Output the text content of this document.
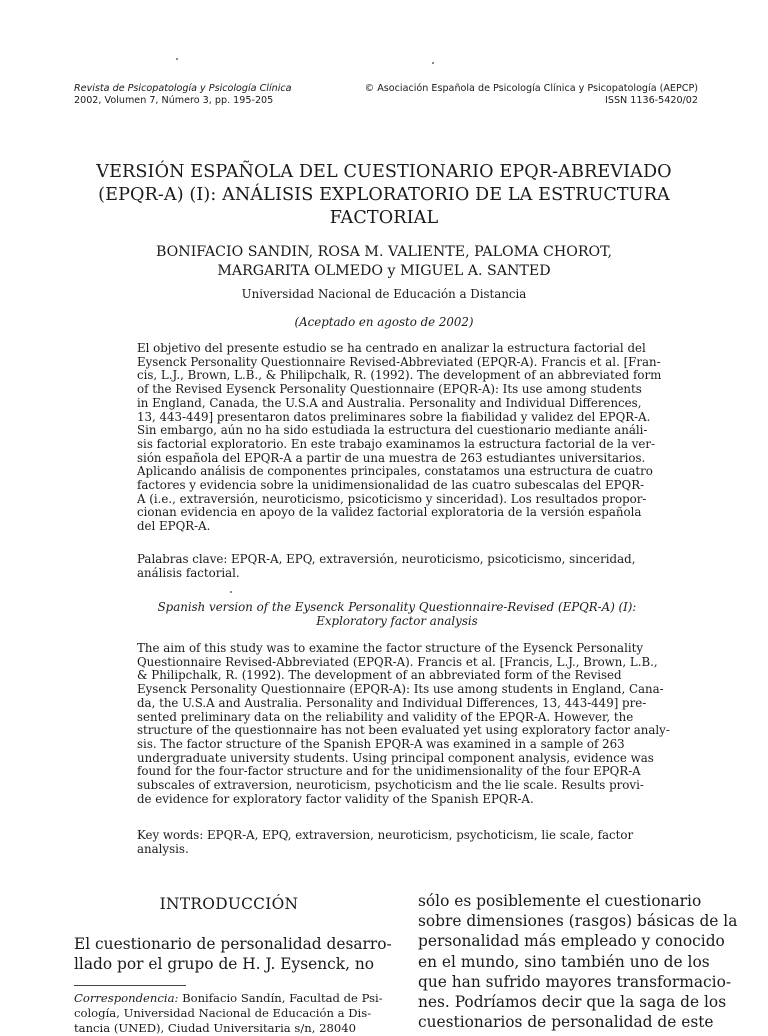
Revista de Psicopatología y Psicología Clínica
2002, Volumen 7, Número 3, pp. 195-205
© Asociación Española de Psicología Clínica y Psicopatología (AEPCP)
ISSN 1136-5420/02
VERSIÓN ESPAÑOLA DEL CUESTIONARIO EPQR-ABREVIADO
(EPQR-A) (I): ANÁLISIS EXPLORATORIO DE LA ESTRUCTURA
FACTORIAL
BONIFACIO SANDIN, ROSA M. VALIENTE, PALOMA CHOROT,
MARGARITA OLMEDO y MIGUEL A. SANTED
Universidad Nacional de Educación a Distancia
(Aceptado en agosto de 2002)
El objetivo del presente estudio se ha centrado en analizar la estructura factorial del
Eysenck Personality Questionnaire Revised-Abbreviated (EPQR-A). Francis et al. [Fran-
cis, L.J., Brown, L.B., & Philipchalk, R. (1992). The development of an abbreviated form
of the Revised Eysenck Personality Questionnaire (EPQR-A): Its use among students
in England, Canada, the U.S.A and Australia. Personality and Individual Differences,
13, 443-449] presentaron datos preliminares sobre la fiabilidad y validez del EPQR-A.
Sin embargo, aún no ha sido estudiada la estructura del cuestionario mediante análi-
sis factorial exploratorio. En este trabajo examinamos la estructura factorial de la ver-
sión española del EPQR-A a partir de una muestra de 263 estudiantes universitarios.
Aplicando análisis de componentes principales, constatamos una estructura de cuatro
factores y evidencia sobre la unidimensionalidad de las cuatro subescalas del EPQR-
A (i.e., extraversión, neuroticismo, psicoticismo y sinceridad). Los resultados propor-
cionan evidencia en apoyo de la validez factorial exploratoria de la versión española
del EPQR-A.
Palabras clave: EPQR-A, EPQ, extraversión, neuroticismo, psicoticismo, sinceridad,
análisis factorial.
Spanish version of the Eysenck Personality Questionnaire-Revised (EPQR-A) (I):
Exploratory factor analysis
The aim of this study was to examine the factor structure of the Eysenck Personality
Questionnaire Revised-Abbreviated (EPQR-A). Francis et al. [Francis, L.J., Brown, L.B.,
& Philipchalk, R. (1992). The development of an abbreviated form of the Revised
Eysenck Personality Questionnaire (EPQR-A): Its use among students in England, Cana-
da, the U.S.A and Australia. Personality and Individual Differences, 13, 443-449] pre-
sented preliminary data on the reliability and validity of the EPQR-A. However, the
structure of the questionnaire has not been evaluated yet using exploratory factor analy-
sis. The factor structure of the Spanish EPQR-A was examined in a sample of 263
undergraduate university students. Using principal component analysis, evidence was
found for the four-factor structure and for the unidimensionality of the four EPQR-A
subscales of extraversion, neuroticism, psychoticism and the lie scale. Results provi-
de evidence for exploratory factor validity of the Spanish EPQR-A.
Key words: EPQR-A, EPQ, extraversion, neuroticism, psychoticism, lie scale, factor
analysis.
INTRODUCCIÓN
El cuestionario de personalidad desarro-
llado por el grupo de H. J. Eysenck, no
sólo es posiblemente el cuestionario
sobre dimensiones (rasgos) básicas de la
personalidad más empleado y conocido
en el mundo, sino también uno de los
que han sufrido mayores transformacio-
nes. Podríamos decir que la saga de los
cuestionarios de personalidad de este
Correspondencia: Bonifacio Sandín, Facultad de Psi-
cología, Universidad Nacional de Educación a Dis-
tancia (UNED), Ciudad Universitaria s/n, 28040
